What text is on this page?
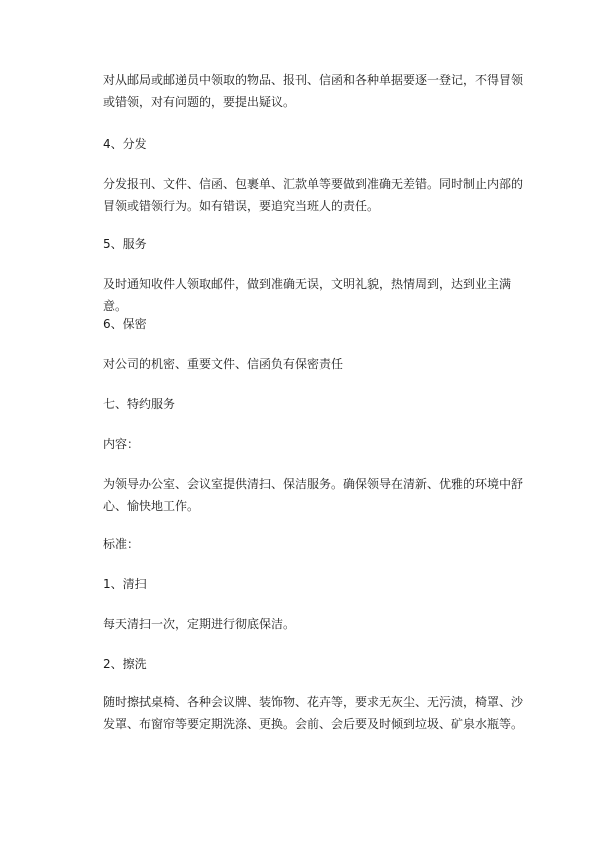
对从邮局或邮递员中领取的物品、报刊、信函和各种单据要逐一登记，不得冒领或错领，对有问题的，要提出疑议。

4、分发

分发报刊、文件、信函、包裹单、汇款单等要做到准确无差错。同时制止内部的冒领或错领行为。如有错误，要追究当班人的责任。

5、服务

及时通知收件人领取邮件，做到准确无误，文明礼貌，热情周到，达到业主满意。

6、保密

对公司的机密、重要文件、信函负有保密责任

七、特约服务

内容：

为领导办公室、会议室提供清扫、保洁服务。确保领导在清新、优雅的环境中舒心、愉快地工作。

标准：

1、清扫

每天清扫一次，定期进行彻底保洁。

2、擦洗

随时擦拭桌椅、各种会议牌、装饰物、花卉等，要求无灰尘、无污渍，椅罩、沙发罩、布窗帘等要定期洗涤、更换。会前、会后要及时倾到垃圾、矿泉水瓶等。
